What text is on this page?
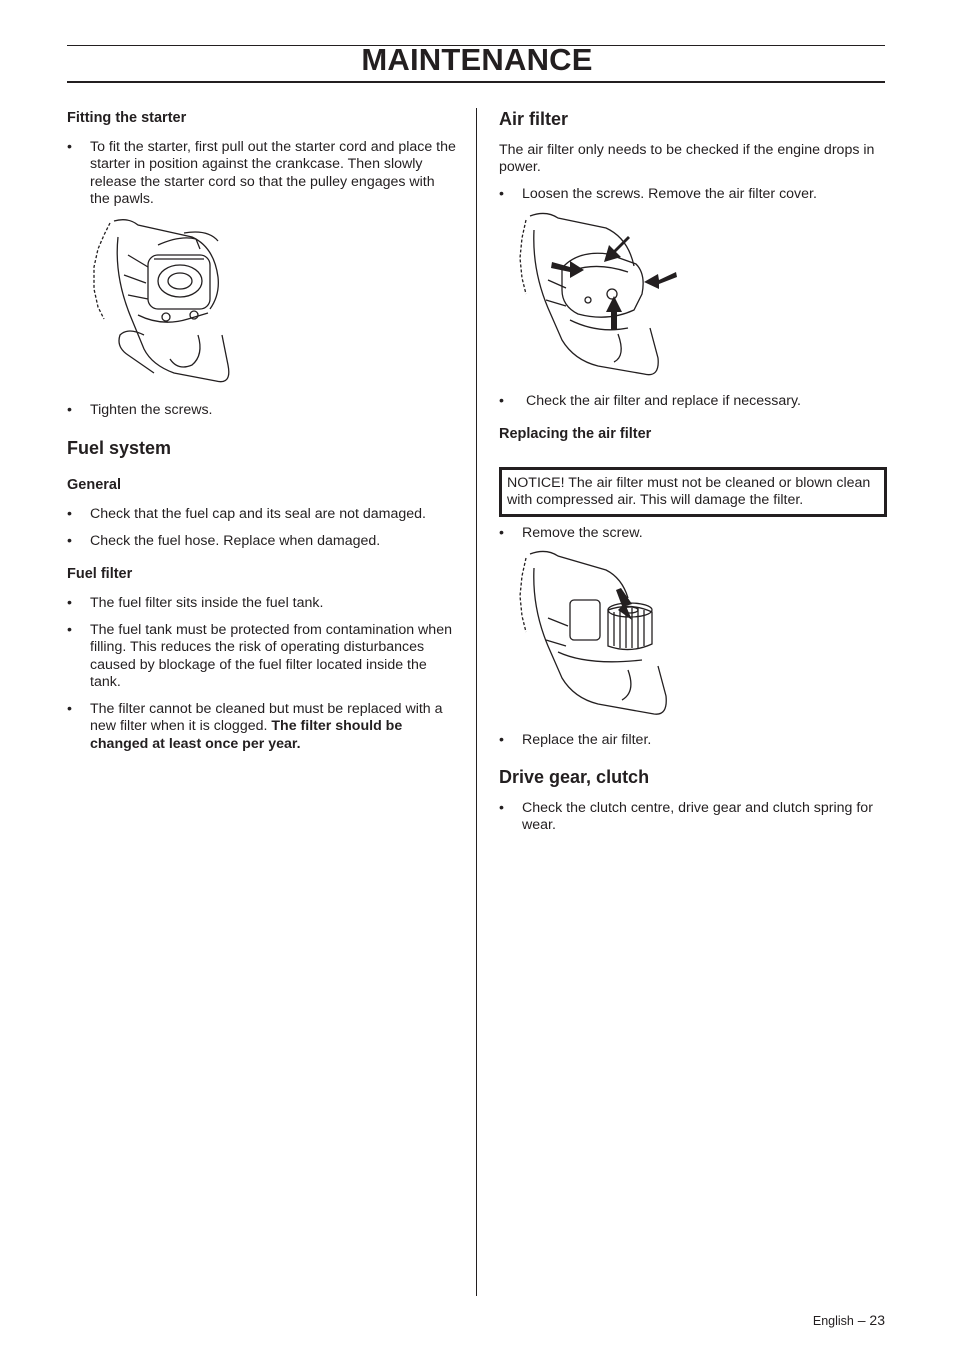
MAINTENANCE
Fitting the starter
• To fit the starter, first pull out the starter cord and place the
starter in position against the crankcase. Then slowly
release the starter cord so that the pulley engages with
the pawls.
• Tighten the screws.
Fuel system
General
• Check that the fuel cap and its seal are not damaged.
• Check the fuel hose. Replace when damaged.
Fuel filter
• The fuel filter sits inside the fuel tank.
• The fuel tank must be protected from contamination when
filling. This reduces the risk of operating disturbances
caused by blockage of the fuel filter located inside the
tank.
• The filter cannot be cleaned but must be replaced with a
new filter when it is clogged. The filter should be
changed at least once per year.
Air filter
The air filter only needs to be checked if the engine drops in
power.
• Loosen the screws. Remove the air filter cover.
• Check the air filter and replace if necessary.
Replacing the air filter
NOTICE! The air filter must not be cleaned or blown clean
with compressed air. This will damage the filter.
• Remove the screw.
• Replace the air filter.
Drive gear, clutch
• Check the clutch centre, drive gear and clutch spring for
wear.
English – 23
